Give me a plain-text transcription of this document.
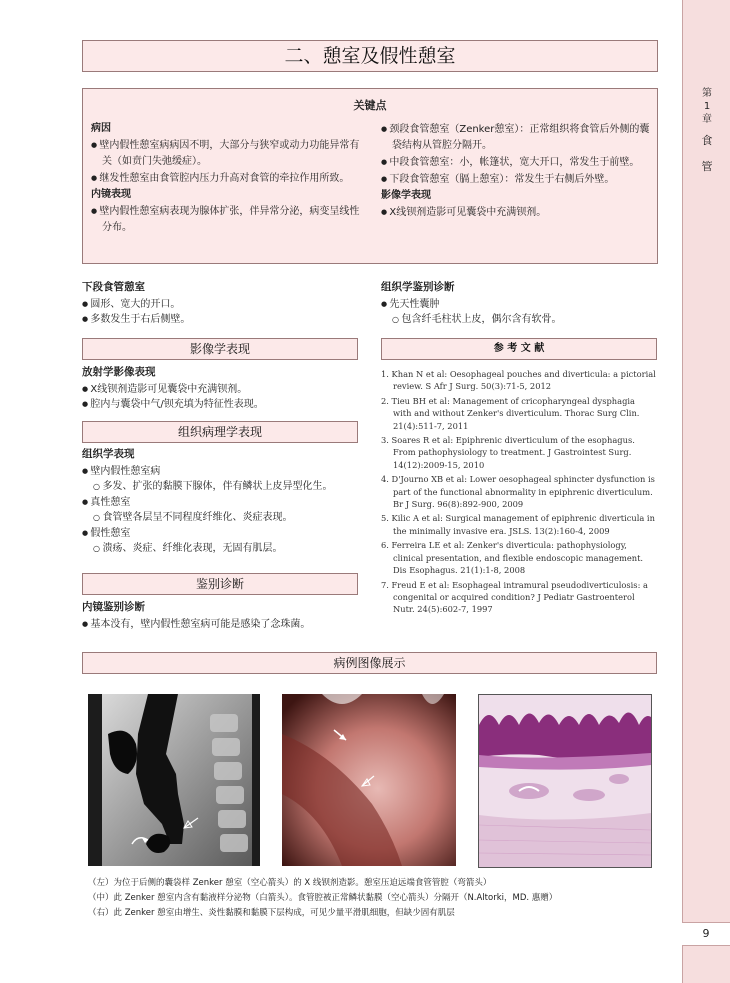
第
1
章
食
管
9
二、憩室及假性憩室
关键点

病因

● 壁内假性憩室病病因不明，大部分与狭窄或动力功能异常有关（如贲门失弛缓症）。

● 继发性憩室由食管腔内压力升高对食管的牵拉作用所致。

内镜表现

● 壁内假性憩室病表现为腺体扩张，伴异常分泌，病变呈线性分布。

● 颈段食管憩室（Zenker憩室）：正常组织将食管后外侧的囊袋结构从管腔分隔开。

● 中段食管憩室：小，帐篷状，宽大开口，常发生于前壁。

● 下段食管憩室（膈上憩室）：常发生于右侧后外壁。

影像学表现

● X线钡剂造影可见囊袋中充满钡剂。

下段食管憩室

● 圆形、宽大的开口。

● 多数发生于右后侧壁。

影像学表现

放射学影像表现

● X线钡剂造影可见囊袋中充满钡剂。

● 腔内与囊袋中气/钡充填为特征性表现。

组织病理学表现

组织学表现

● 壁内假性憩室病

○ 多发、扩张的黏膜下腺体，伴有鳞状上皮异型化生。

● 真性憩室

○ 食管壁各层呈不同程度纤维化、炎症表现。

● 假性憩室

○ 溃疡、炎症、纤维化表现，无固有肌层。

鉴别诊断

内镜鉴别诊断

● 基本没有，壁内假性憩室病可能是感染了念珠菌。

组织学鉴别诊断

● 先天性囊肿

○ 包含纤毛柱状上皮，偶尔含有软骨。

参 考 文 献
1. Khan N et al: Oesophageal pouches and diverticula: a pictorial review. S Afr J Surg. 50(3):71-5, 2012
2. Tieu BH et al: Management of cricopharyngeal dysphagia with and without Zenker's diverticulum. Thorac Surg Clin. 21(4):511-7, 2011
3. Soares R et al: Epiphrenic diverticulum of the esophagus. From pathophysiology to treatment. J Gastrointest Surg. 14(12):2009-15, 2010
4. D'Journo XB et al: Lower oesophageal sphincter dysfunction is part of the functional abnormality in epiphrenic diverticulum. Br J Surg. 96(8):892-900, 2009
5. Kilic A et al: Surgical management of epiphrenic diverticula in the minimally invasive era. JSLS. 13(2):160-4, 2009
6. Ferreira LE et al: Zenker's diverticula: pathophysiology, clinical presentation, and flexible endoscopic management. Dis Esophagus. 21(1):1-8, 2008
7. Freud E et al: Esophageal intramural pseudodiverticulosis: a congenital or acquired condition? J Pediatr Gastroenterol Nutr. 24(5):602-7, 1997
病例图像展示
（左）为位于后侧的囊袋样 Zenker 憩室（空心箭头）的 X 线钡剂造影。憩室压迫远端食管管腔（弯箭头）
（中）此 Zenker 憩室内含有黏液样分泌物（白箭头）。食管腔被正常鳞状黏膜（空心箭头）分隔开（N.Altorki，MD. 惠赠）
（右）此 Zenker 憩室由增生、炎性黏膜和黏膜下层构成，可见少量平滑肌细胞，但缺少固有肌层
